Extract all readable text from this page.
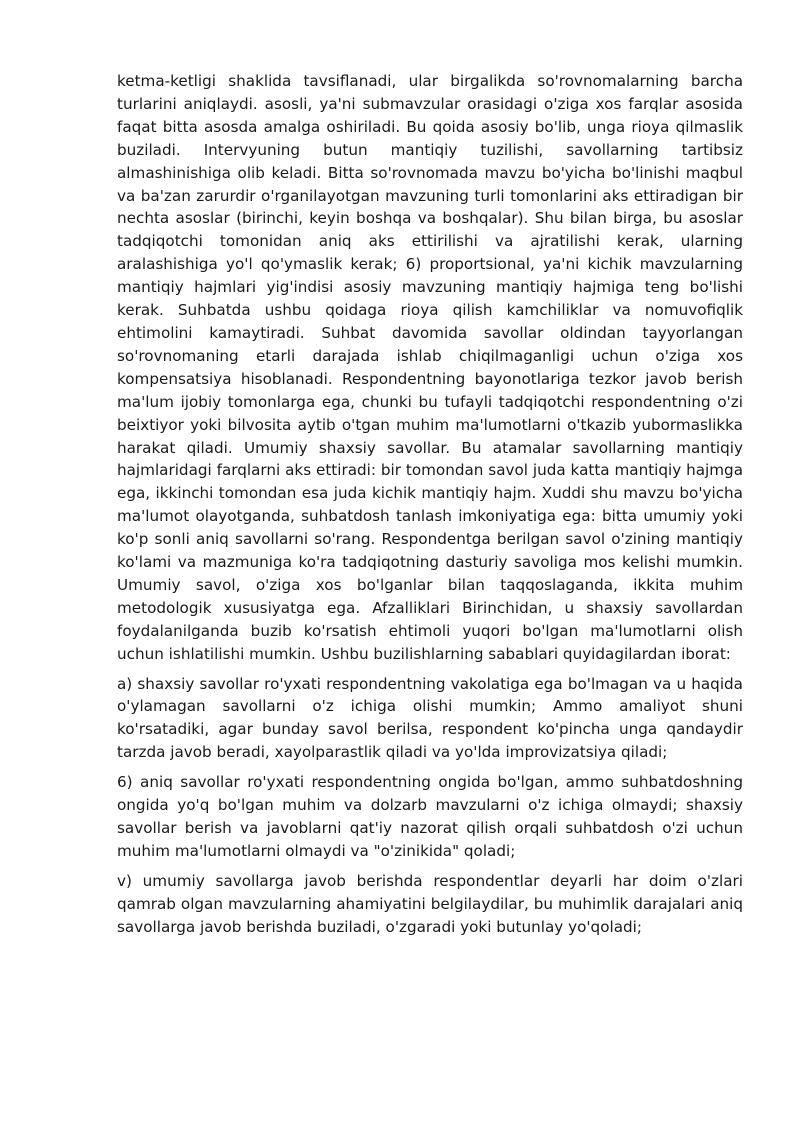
ketma-ketligi shaklida tavsiflanadi, ular birgalikda so'rovnomalarning barcha turlarini aniqlaydi. asosli, ya'ni submavzular orasidagi o'ziga xos farqlar asosida faqat bitta asosda amalga oshiriladi. Bu qoida asosiy bo'lib, unga rioya qilmaslik buziladi. Intervyuning butun mantiqiy tuzilishi, savollarning tartibsiz almashinishiga olib keladi. Bitta so'rovnomada mavzu bo'yicha bo'linishi maqbul va ba'zan zarurdir o'rganilayotgan mavzuning turli tomonlarini aks ettiradigan bir nechta asoslar (birinchi, keyin boshqa va boshqalar). Shu bilan birga, bu asoslar tadqiqotchi tomonidan aniq aks ettirilishi va ajratilishi kerak, ularning aralashishiga yo'l qo'ymaslik kerak; 6) proportsional, ya'ni kichik mavzularning mantiqiy hajmlari yig'indisi asosiy mavzuning mantiqiy hajmiga teng bo'lishi kerak. Suhbatda ushbu qoidaga rioya qilish kamchiliklar va nomuvofiqlik ehtimolini kamaytiradi. Suhbat davomida savollar oldindan tayyorlangan so'rovnomaning etarli darajada ishlab chiqilmaganligi uchun o'ziga xos kompensatsiya hisoblanadi. Respondentning bayonotlariga tezkor javob berish ma'lum ijobiy tomonlarga ega, chunki bu tufayli tadqiqotchi respondentning o'zi beixtiyor yoki bilvosita aytib o'tgan muhim ma'lumotlarni o'tkazib yubormaslikka harakat qiladi. Umumiy shaxsiy savollar. Bu atamalar savollarning mantiqiy hajmlaridagi farqlarni aks ettiradi: bir tomondan savol juda katta mantiqiy hajmga ega, ikkinchi tomondan esa juda kichik mantiqiy hajm. Xuddi shu mavzu bo'yicha ma'lumot olayotganda, suhbatdosh tanlash imkoniyatiga ega: bitta umumiy yoki ko'p sonli aniq savollarni so'rang. Respondentga berilgan savol o'zining mantiqiy ko'lami va mazmuniga ko'ra tadqiqotning dasturiy savoliga mos kelishi mumkin. Umumiy savol, o'ziga xos bo'lganlar bilan taqqoslaganda, ikkita muhim metodologik xususiyatga ega. Afzalliklari Birinchidan, u shaxsiy savollardan foydalanilganda buzib ko'rsatish ehtimoli yuqori bo'lgan ma'lumotlarni olish uchun ishlatilishi mumkin. Ushbu buzilishlarning sabablari quyidagilardan iborat:

a) shaxsiy savollar ro'yxati respondentning vakolatiga ega bo'lmagan va u haqida o'ylamagan savollarni o'z ichiga olishi mumkin; Ammo amaliyot shuni ko'rsatadiki, agar bunday savol berilsa, respondent ko'pincha unga qandaydir tarzda javob beradi, xayolparastlik qiladi va yo'lda improvizatsiya qiladi;

6) aniq savollar ro'yxati respondentning ongida bo'lgan, ammo suhbatdoshning ongida yo'q bo'lgan muhim va dolzarb mavzularni o'z ichiga olmaydi; shaxsiy savollar berish va javoblarni qat'iy nazorat qilish orqali suhbatdosh o'zi uchun muhim ma'lumotlarni olmaydi va "o'zinikida" qoladi;

v) umumiy savollarga javob berishda respondentlar deyarli har doim o'zlari qamrab olgan mavzularning ahamiyatini belgilaydilar, bu muhimlik darajalari aniq savollarga javob berishda buziladi, o'zgaradi yoki butunlay yo'qoladi;
